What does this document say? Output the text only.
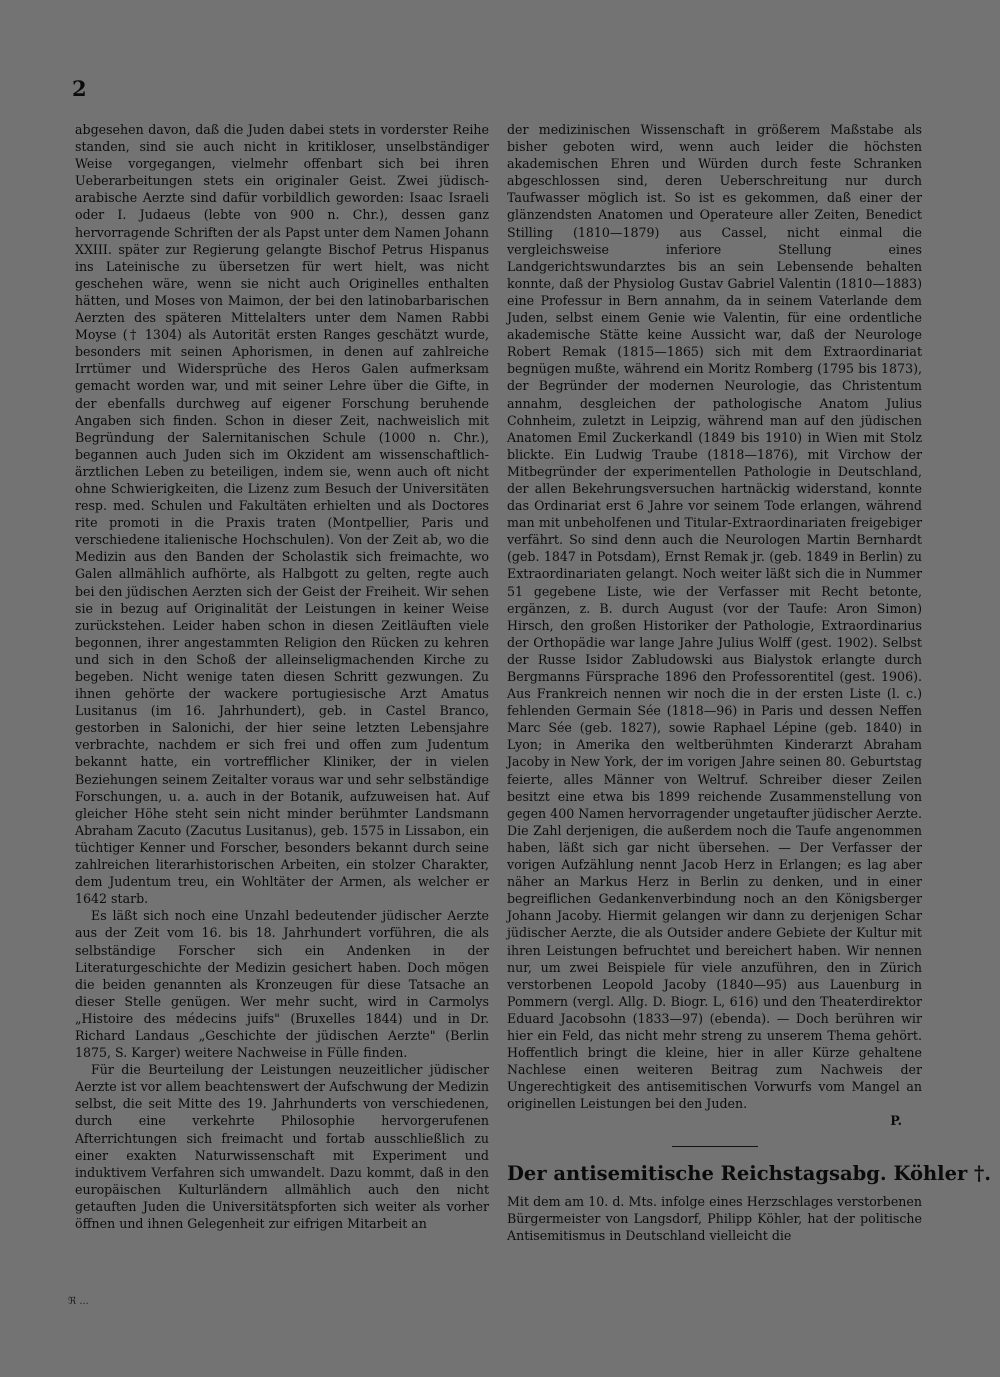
2

abgesehen davon, daß die Juden dabei stets in vorderster Reihe standen, sind sie auch nicht in kritikloser, unselbständiger Weise vorgegangen, vielmehr offenbart sich bei ihren Ueberarbeitungen stets ein originaler Geist. Zwei jüdisch-arabische Aerzte sind dafür vorbildlich geworden: Isaac Israeli oder I. Judaeus (lebte von 900 n. Chr.), dessen ganz hervorragende Schriften der als Papst unter dem Namen Johann XXIII. später zur Regierung gelangte Bischof Petrus Hispanus ins Lateinische zu übersetzen für wert hielt, was nicht geschehen wäre, wenn sie nicht auch Originelles enthalten hätten, und Moses von Maimon, der bei den latinobarbarischen Aerzten des späteren Mittelalters unter dem Namen Rabbi Moyse († 1304) als Autorität ersten Ranges geschätzt wurde, besonders mit seinen Aphorismen, in denen auf zahlreiche Irrtümer und Widersprüche des Heros Galen aufmerksam gemacht worden war, und mit seiner Lehre über die Gifte, in der ebenfalls durchweg auf eigener Forschung beruhende Angaben sich finden. Schon in dieser Zeit, nachweislich mit Begründung der Salernitanischen Schule (1000 n. Chr.), begannen auch Juden sich im Okzident am wissenschaftlich-ärztlichen Leben zu beteiligen, indem sie, wenn auch oft nicht ohne Schwierigkeiten, die Lizenz zum Besuch der Universitäten resp. med. Schulen und Fakultäten erhielten und als Doctores rite promoti in die Praxis traten (Montpellier, Paris und verschiedene italienische Hochschulen). Von der Zeit ab, wo die Medizin aus den Banden der Scholastik sich freimachte, wo Galen allmählich aufhörte, als Halbgott zu gelten, regte auch bei den jüdischen Aerzten sich der Geist der Freiheit. Wir sehen sie in bezug auf Originalität der Leistungen in keiner Weise zurückstehen. Leider haben schon in diesen Zeitläuften viele begonnen, ihrer angestammten Religion den Rücken zu kehren und sich in den Schoß der alleinseligmachenden Kirche zu begeben. Nicht wenige taten diesen Schritt gezwungen. Zu ihnen gehörte der wackere portugiesische Arzt Amatus Lusitanus (im 16. Jahrhundert), geb. in Castel Branco, gestorben in Salonichi, der hier seine letzten Lebensjahre verbrachte, nachdem er sich frei und offen zum Judentum bekannt hatte, ein vortrefflicher Kliniker, der in vielen Beziehungen seinem Zeitalter voraus war und sehr selbständige Forschungen, u. a. auch in der Botanik, aufzuweisen hat. Auf gleicher Höhe steht sein nicht minder berühmter Landsmann Abraham Zacuto (Zacutus Lusitanus), geb. 1575 in Lissabon, ein tüchtiger Kenner und Forscher, besonders bekannt durch seine zahlreichen literarhistorischen Arbeiten, ein stolzer Charakter, dem Judentum treu, ein Wohltäter der Armen, als welcher er 1642 starb.

Es läßt sich noch eine Unzahl bedeutender jüdischer Aerzte aus der Zeit vom 16. bis 18. Jahrhundert vorführen, die als selbständige Forscher sich ein Andenken in der Literaturgeschichte der Medizin gesichert haben. Doch mögen die beiden genannten als Kronzeugen für diese Tatsache an dieser Stelle genügen. Wer mehr sucht, wird in Carmolys „Histoire des médecins juifs" (Bruxelles 1844) und in Dr. Richard Landaus „Geschichte der jüdischen Aerzte" (Berlin 1875, S. Karger) weitere Nachweise in Fülle finden.

Für die Beurteilung der Leistungen neuzeitlicher jüdischer Aerzte ist vor allem beachtenswert der Aufschwung der Medizin selbst, die seit Mitte des 19. Jahrhunderts von verschiedenen, durch eine verkehrte Philosophie hervorgerufenen Afterrichtungen sich freimacht und fortab ausschließlich zu einer exakten Naturwissenschaft mit Experiment und induktivem Verfahren sich umwandelt. Dazu kommt, daß in den europäischen Kulturländern allmählich auch den nicht getauften Juden die Universitätspforten sich weiter als vorher öffnen und ihnen Gelegenheit zur eifrigen Mitarbeit an

der medizinischen Wissenschaft in größerem Maßstabe als bisher geboten wird, wenn auch leider die höchsten akademischen Ehren und Würden durch feste Schranken abgeschlossen sind, deren Ueberschreitung nur durch Taufwasser möglich ist. So ist es gekommen, daß einer der glänzendsten Anatomen und Operateure aller Zeiten, Benedict Stilling (1810—1879) aus Cassel, nicht einmal die vergleichsweise inferiore Stellung eines Landgerichtswundarztes bis an sein Lebensende behalten konnte, daß der Physiolog Gustav Gabriel Valentin (1810—1883) eine Professur in Bern annahm, da in seinem Vaterlande dem Juden, selbst einem Genie wie Valentin, für eine ordentliche akademische Stätte keine Aussicht war, daß der Neurologe Robert Remak (1815—1865) sich mit dem Extraordinariat begnügen mußte, während ein Moritz Romberg (1795 bis 1873), der Begründer der modernen Neurologie, das Christentum annahm, desgleichen der pathologische Anatom Julius Cohnheim, zuletzt in Leipzig, während man auf den jüdischen Anatomen Emil Zuckerkandl (1849 bis 1910) in Wien mit Stolz blickte. Ein Ludwig Traube (1818—1876), mit Virchow der Mitbegründer der experimentellen Pathologie in Deutschland, der allen Bekehrungsversuchen hartnäckig widerstand, konnte das Ordinariat erst 6 Jahre vor seinem Tode erlangen, während man mit unbeholfenen und Titular-Extraordinariaten freigebiger verfährt. So sind denn auch die Neurologen Martin Bernhardt (geb. 1847 in Potsdam), Ernst Remak jr. (geb. 1849 in Berlin) zu Extraordinariaten gelangt. Noch weiter läßt sich die in Nummer 51 gegebene Liste, wie der Verfasser mit Recht betonte, ergänzen, z. B. durch August (vor der Taufe: Aron Simon) Hirsch, den großen Historiker der Pathologie, Extraordinarius der Orthopädie war lange Jahre Julius Wolff (gest. 1902). Selbst der Russe Isidor Zabludowski aus Bialystok erlangte durch Bergmanns Fürsprache 1896 den Professorentitel (gest. 1906). Aus Frankreich nennen wir noch die in der ersten Liste (l. c.) fehlenden Germain Sée (1818—96) in Paris und dessen Neffen Marc Sée (geb. 1827), sowie Raphael Lépine (geb. 1840) in Lyon; in Amerika den weltberühmten Kinderarzt Abraham Jacoby in New York, der im vorigen Jahre seinen 80. Geburtstag feierte, alles Männer von Weltruf. Schreiber dieser Zeilen besitzt eine etwa bis 1899 reichende Zusammenstellung von gegen 400 Namen hervorragender ungetaufter jüdischer Aerzte. Die Zahl derjenigen, die außerdem noch die Taufe angenommen haben, läßt sich gar nicht übersehen. — Der Verfasser der vorigen Aufzählung nennt Jacob Herz in Erlangen; es lag aber näher an Markus Herz in Berlin zu denken, und in einer begreiflichen Gedankenverbindung noch an den Königsberger Johann Jacoby. Hiermit gelangen wir dann zu derjenigen Schar jüdischer Aerzte, die als Outsider andere Gebiete der Kultur mit ihren Leistungen befruchtet und bereichert haben. Wir nennen nur, um zwei Beispiele für viele anzuführen, den in Zürich verstorbenen Leopold Jacoby (1840—95) aus Lauenburg in Pommern (vergl. Allg. D. Biogr. L, 616) und den Theaterdirektor Eduard Jacobsohn (1833—97) (ebenda). — Doch berühren wir hier ein Feld, das nicht mehr streng zu unserem Thema gehört. Hoffentlich bringt die kleine, hier in aller Kürze gehaltene Nachlese einen weiteren Beitrag zum Nachweis der Ungerechtigkeit des antisemitischen Vorwurfs vom Mangel an originellen Leistungen bei den Juden.

P.
Der antisemitische Reichstagsabg. Köhler †.

Mit dem am 10. d. Mts. infolge eines Herzschlages verstorbenen Bürgermeister von Langsdorf, Philipp Köhler, hat der politische Antisemitismus in Deutschland vielleicht die

ℜ ...
